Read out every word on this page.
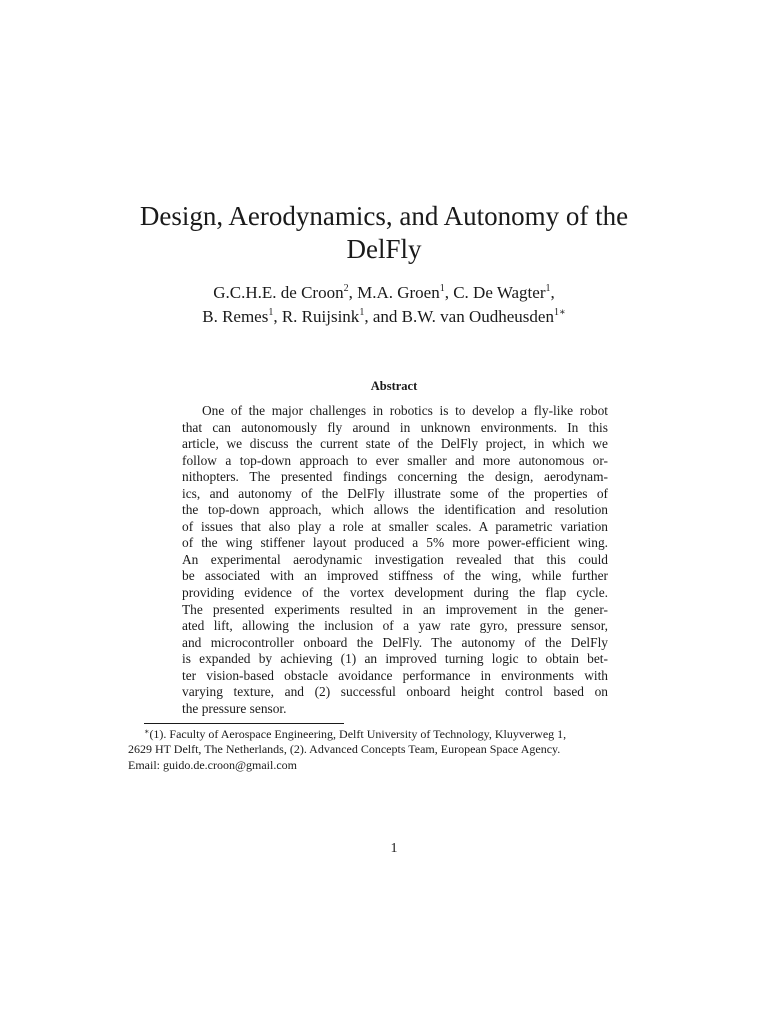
Design, Aerodynamics, and Autonomy of the
DelFly
G.C.H.E. de Croon$^2$, M.A. Groen$^1$, C. De Wagter$^1$,
B. Remes$^1$, R. Ruijsink$^1$, and B.W. van Oudheusden$^{1∗}$
Abstract
One of the major challenges in robotics is to develop a fly-like robot
that can autonomously fly around in unknown environments. In this
article, we discuss the current state of the DelFly project, in which we
follow a top-down approach to ever smaller and more autonomous or-
nithopters. The presented findings concerning the design, aerodynam-
ics, and autonomy of the DelFly illustrate some of the properties of
the top-down approach, which allows the identification and resolution
of issues that also play a role at smaller scales. A parametric variation
of the wing stiffener layout produced a 5% more power-efficient wing.
An experimental aerodynamic investigation revealed that this could
be associated with an improved stiffness of the wing, while further
providing evidence of the vortex development during the flap cycle.
The presented experiments resulted in an improvement in the gener-
ated lift, allowing the inclusion of a yaw rate gyro, pressure sensor,
and microcontroller onboard the DelFly. The autonomy of the DelFly
is expanded by achieving (1) an improved turning logic to obtain bet-
ter vision-based obstacle avoidance performance in environments with
varying texture, and (2) successful onboard height control based on
the pressure sensor.
∗(1). Faculty of Aerospace Engineering, Delft University of Technology, Kluyverweg 1,
2629 HT Delft, The Netherlands, (2). Advanced Concepts Team, European Space Agency.
Email: guido.de.croon@gmail.com
1
